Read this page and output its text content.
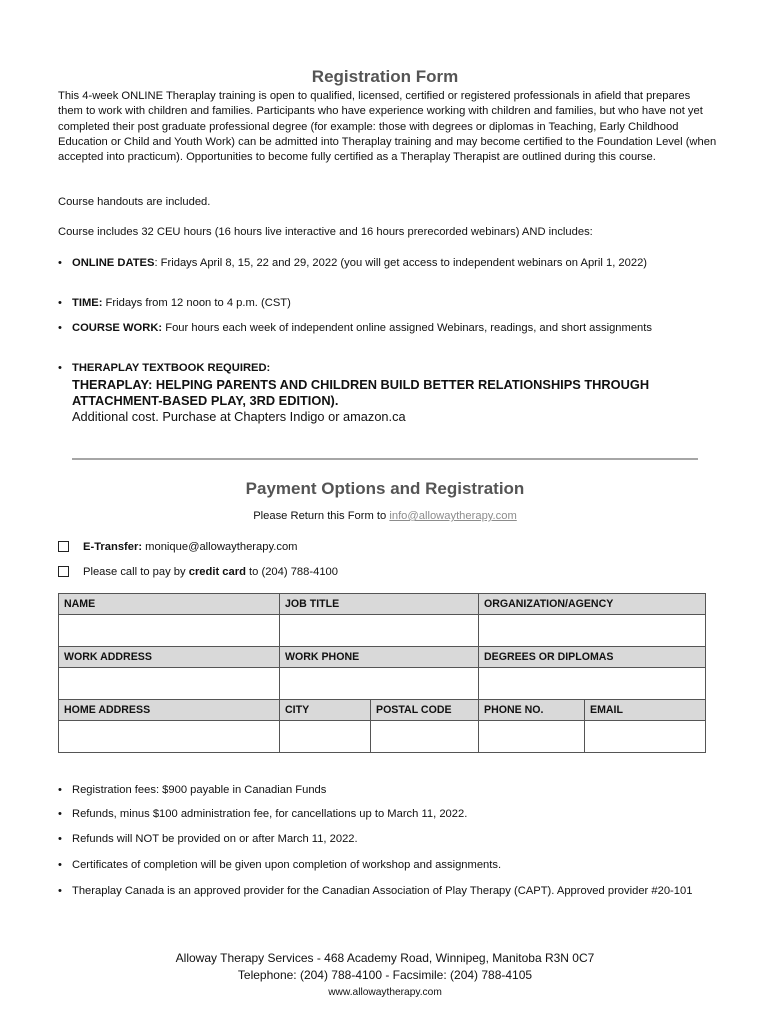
Registration Form

This 4-week ONLINE Theraplay training is open to qualified, licensed, certified or registered professionals in afield that prepares them to work with children and families. Participants who have experience working with children and families, but who have not yet completed their post graduate professional degree (for example: those with degrees or diplomas in Teaching, Early Childhood Education or Child and Youth Work) can be admitted into Theraplay training and may become certified to the Foundation Level (when accepted into practicum). Opportunities to become fully certified as a Theraplay Therapist are outlined during this course.

Course handouts are included.

Course includes 32 CEU hours (16 hours live interactive and 16 hours prerecorded webinars) AND includes:

• ONLINE DATES: Fridays April 8, 15, 22 and 29, 2022 (you will get access to independent webinars on April 1, 2022)
• TIME: Fridays from 12 noon to 4 p.m. (CST)
• COURSE WORK: Four hours each week of independent online assigned Webinars, readings, and short assignments
• THERAPLAY TEXTBOOK REQUIRED:
THERAPLAY: HELPING PARENTS AND CHILDREN BUILD BETTER RELATIONSHIPS THROUGH ATTACHMENT-BASED PLAY, 3RD EDITION).
Additional cost. Purchase at Chapters Indigo or amazon.ca
Payment Options and Registration
Please Return this Form to info@allowaytherapy.com
E-Transfer: monique@allowaytherapy.com
Please call to pay by credit card to (204) 788-4100
NAME	JOB TITLE		ORGANIZATION/AGENCY	

WORK ADDRESS	WORK PHONE		DEGREES OR DIPLOMAS	

HOME ADDRESS	CITY	POSTAL CODE	PHONE NO.	EMAIL

• Registration fees: $900 payable in Canadian Funds
• Refunds, minus $100 administration fee, for cancellations up to March 11, 2022.
• Refunds will NOT be provided on or after March 11, 2022.
• Certificates of completion will be given upon completion of workshop and assignments.
• Theraplay Canada is an approved provider for the Canadian Association of Play Therapy (CAPT). Approved provider #20-101
Alloway Therapy Services - 468 Academy Road, Winnipeg, Manitoba R3N 0C7
Telephone: (204) 788-4100 - Facsimile: (204) 788-4105
www.allowaytherapy.com
